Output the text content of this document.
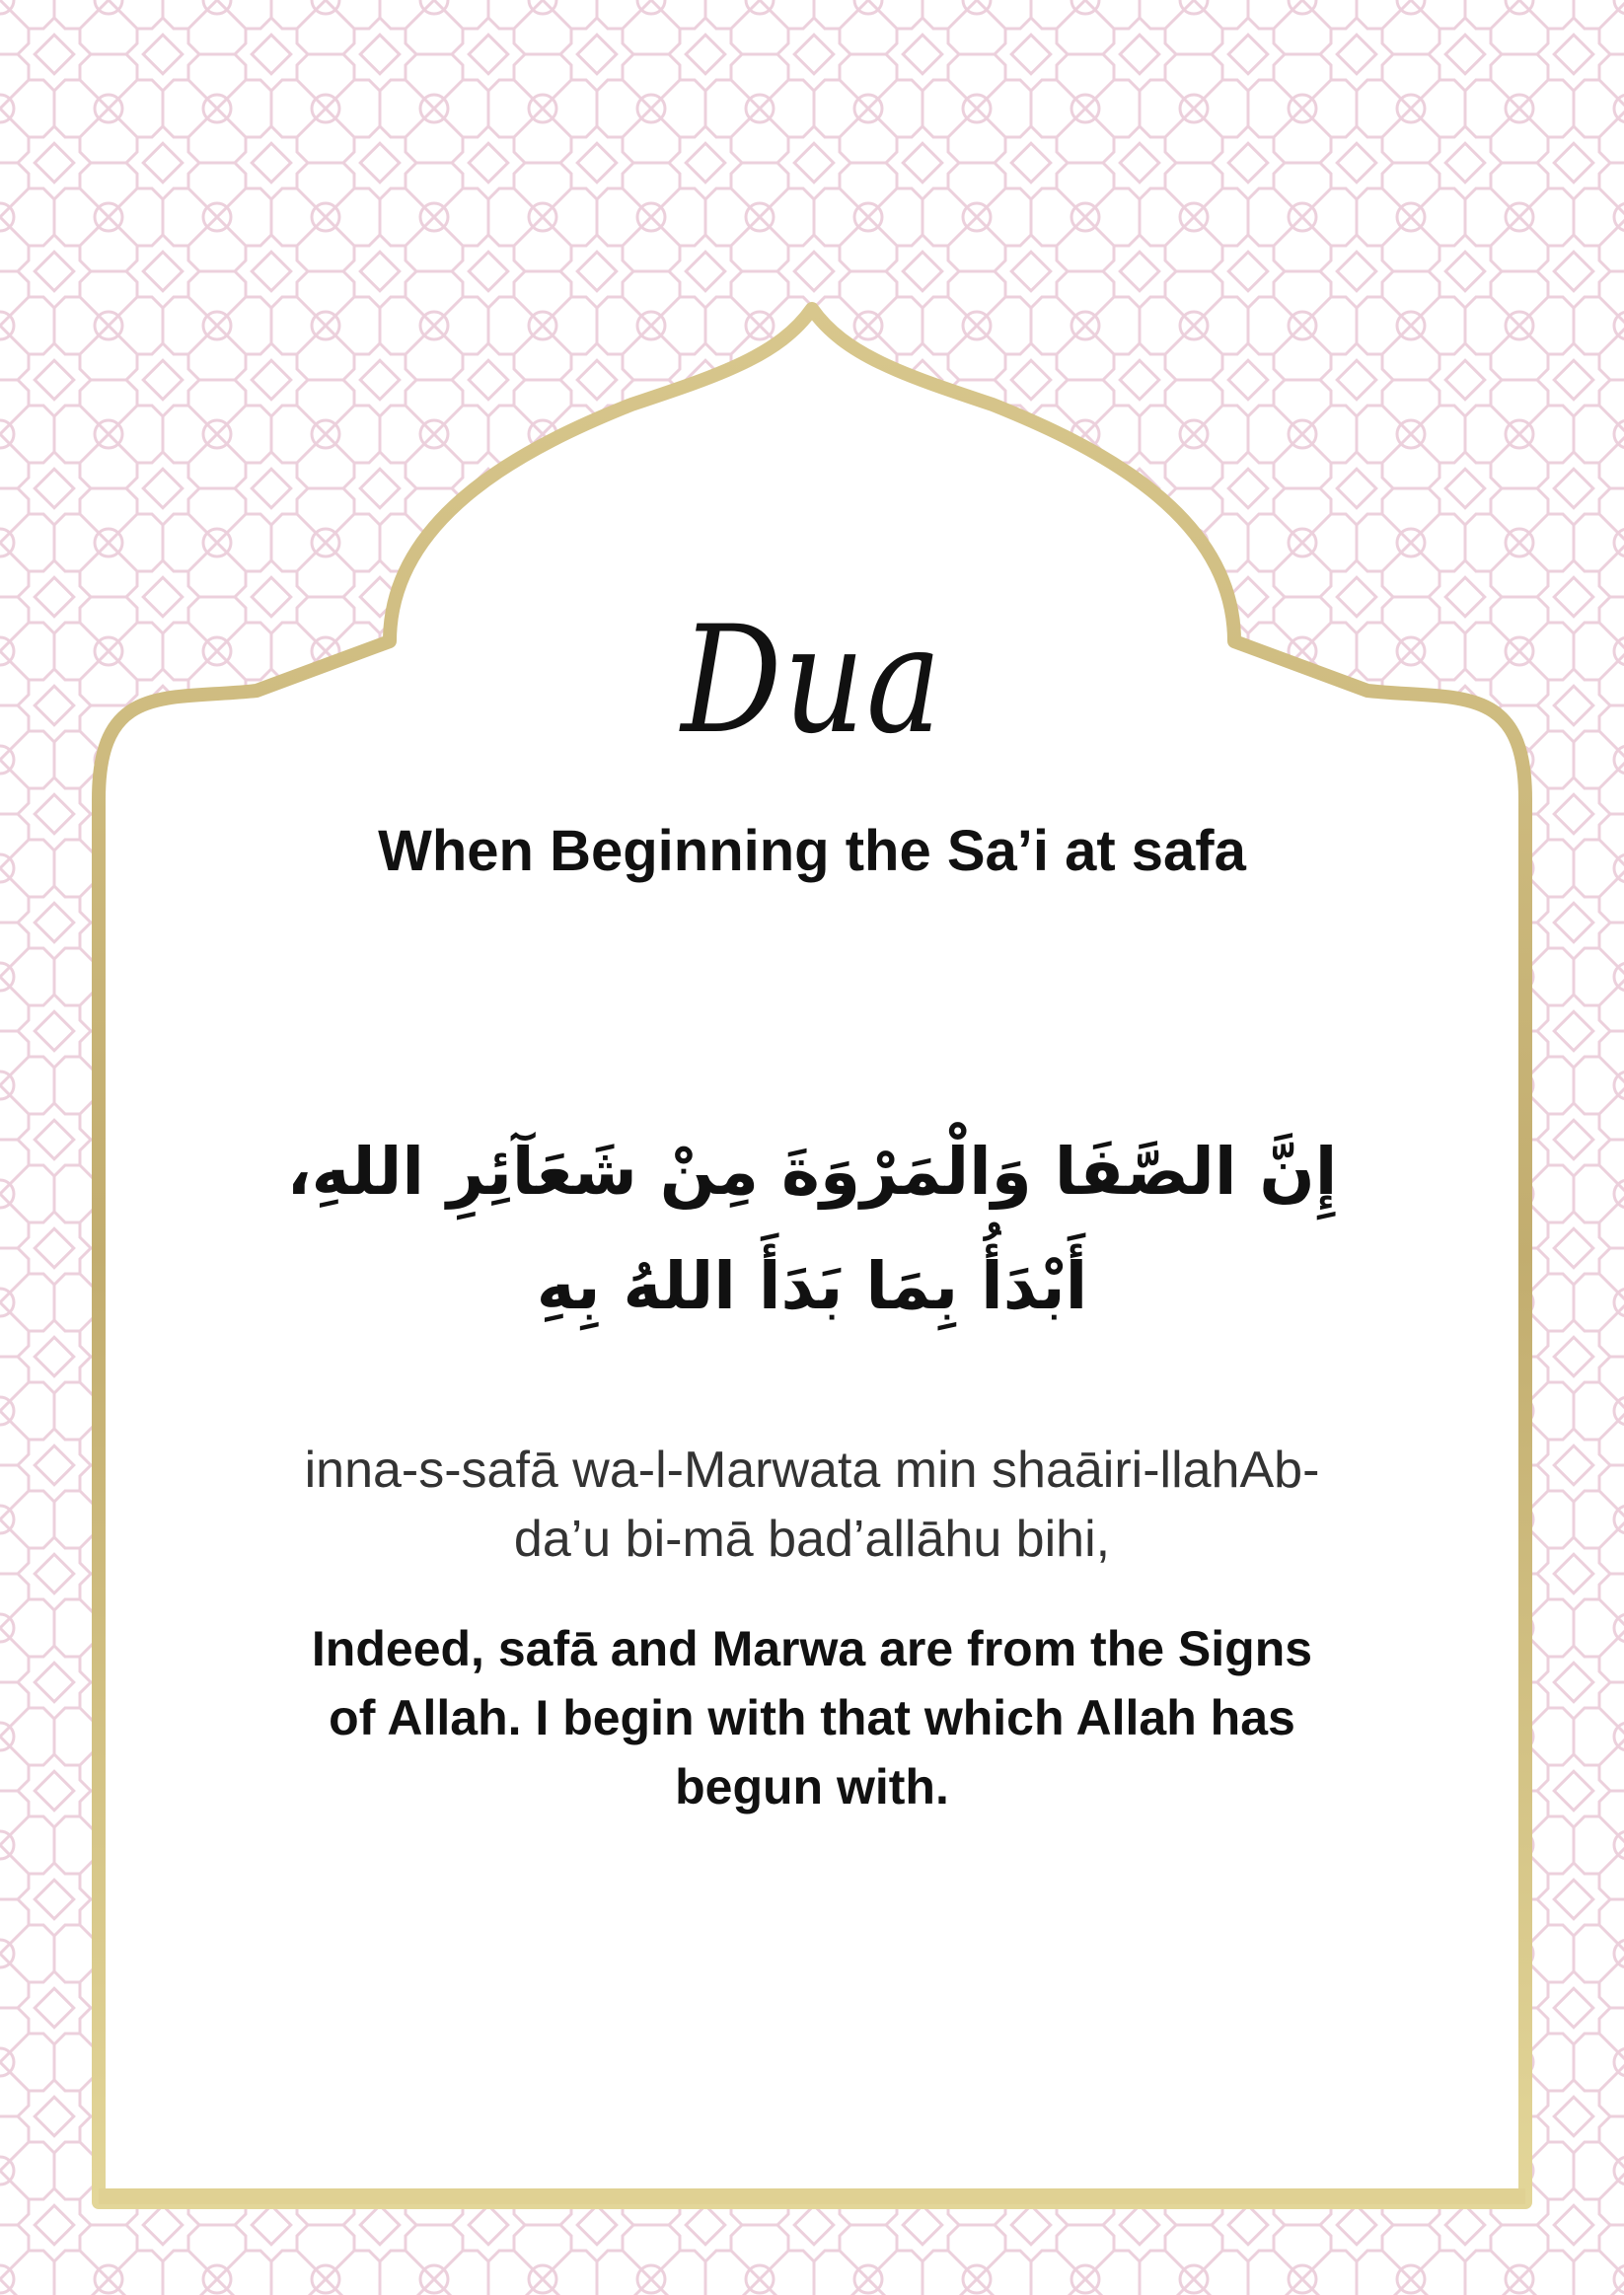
Dua
When Beginning the Sa’i at safa
إِنَّ الصَّفَا وَالْمَرْوَةَ مِنْ شَعَآئِرِ اللهِ،
أَبْدَأُ بِمَا بَدَأَ اللهُ بِهِ
inna-s-safā wa-l-Marwata min shaāiri-llahAb-
da’u bi-mā bad’allāhu bihi,
Indeed, safā and Marwa are from the Signs
of Allah. I begin with that which Allah has
begun with.
